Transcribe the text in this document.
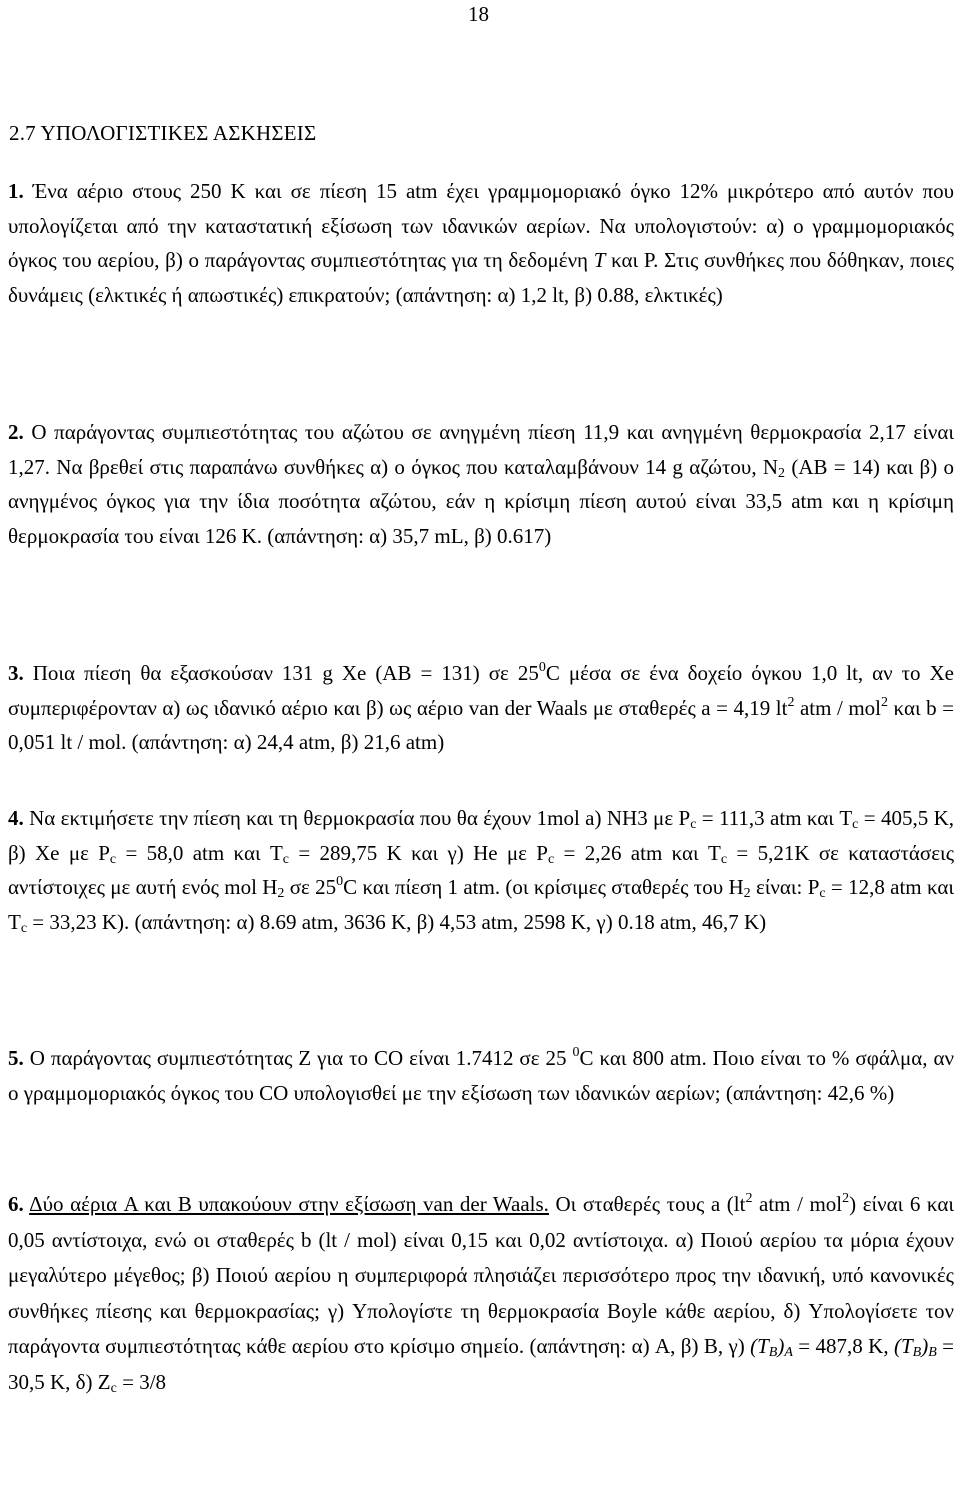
18
2.7 ΥΠΟΛΟΓΙΣΤΙΚΕΣ ΑΣΚΗΣΕΙΣ
1. Ένα αέριο στους 250 K και σε πίεση 15 atm έχει γραμμομοριακό όγκο 12% μικρότερο από αυτόν που υπολογίζεται από την καταστατική εξίσωση των ιδανικών αερίων. Να υπολογιστούν: α) ο γραμμομοριακός όγκος του αερίου, β) ο παράγοντας συμπιεστότητας για τη δεδομένη T και P. Στις συνθήκες που δόθηκαν, ποιες δυνάμεις (ελκτικές ή απωστικές) επικρατούν; (απάντηση: α) 1,2 lt, β) 0.88, ελκτικές)
2. Ο παράγοντας συμπιεστότητας του αζώτου σε ανηγμένη πίεση 11,9 και ανηγμένη θερμοκρασία 2,17 είναι 1,27. Να βρεθεί στις παραπάνω συνθήκες α) ο όγκος που καταλαμβάνουν 14 g αζώτου, $N_2$ (AB = 14) και β) ο ανηγμένος όγκος για την ίδια ποσότητα αζώτου, εάν η κρίσιμη πίεση αυτού είναι 33,5 atm και η κρίσιμη θερμοκρασία του είναι 126 K. (απάντηση: α) 35,7 mL, β) 0.617)
3. Ποια πίεση θα εξασκούσαν 131 g Xe (AB = 131) σε $25^0C$ μέσα σε ένα δοχείο όγκου 1,0 lt, αν το Xe συμπεριφέρονταν α) ως ιδανικό αέριο και β) ως αέριο van der Waals με σταθερές a = 4,19 $lt^2$ atm / mol$^2$ και b = 0,051 lt / mol. (απάντηση: α) 24,4 atm, β) 21,6 atm)
4. Να εκτιμήσετε την πίεση και τη θερμοκρασία που θα έχουν 1mol a) NH3 με $P_c = 111,3$ atm και $T_c = 405,5$ K, β) Xe με $P_c = 58,0$ atm και $T_c = 289,75$ K και γ) He με $P_c = 2,26$ atm και $T_c = 5,21K$ σε καταστάσεις αντίστοιχες με αυτή ενός mol $H_2$ σε $25^0C$ και πίεση 1 atm. (οι κρίσιμες σταθερές του $H_2$ είναι: $P_c = 12,8$ atm και $T_c = 33,23$ K). (απάντηση: α) 8.69 atm, 3636 K, β) 4,53 atm, 2598 K, γ) 0.18 atm, 46,7 K)
5. Ο παράγοντας συμπιεστότητας Z για το CO είναι 1.7412 σε 25 $^0$C και 800 atm. Ποιο είναι το % σφάλμα, αν ο γραμμομοριακός όγκος του CO υπολογισθεί με την εξίσωση των ιδανικών αερίων; (απάντηση: 42,6 %)
6. Δύο αέρια A και B υπακούουν στην εξίσωση van der Waals. Οι σταθερές τους a ($lt^2$ atm / mol$^2$) είναι 6 και 0,05 αντίστοιχα, ενώ οι σταθερές b (lt / mol) είναι 0,15 και 0,02 αντίστοιχα. α) Ποιού αερίου τα μόρια έχουν μεγαλύτερο μέγεθος; β) Ποιού αερίου η συμπεριφορά πλησιάζει περισσότερο προς την ιδανική, υπό κανονικές συνθήκες πίεσης και θερμοκρασίας; γ) Υπολογίστε τη θερμοκρασία Boyle κάθε αερίου, δ) Υπολογίσετε τον παράγοντα συμπιεστότητας κάθε αερίου στο κρίσιμο σημείο. (απάντηση: α) A, β) B, γ) $(T_B)_A = 487,8$ K, $(T_B)_B = 30,5$ K, δ) $Z_c = 3/8$
